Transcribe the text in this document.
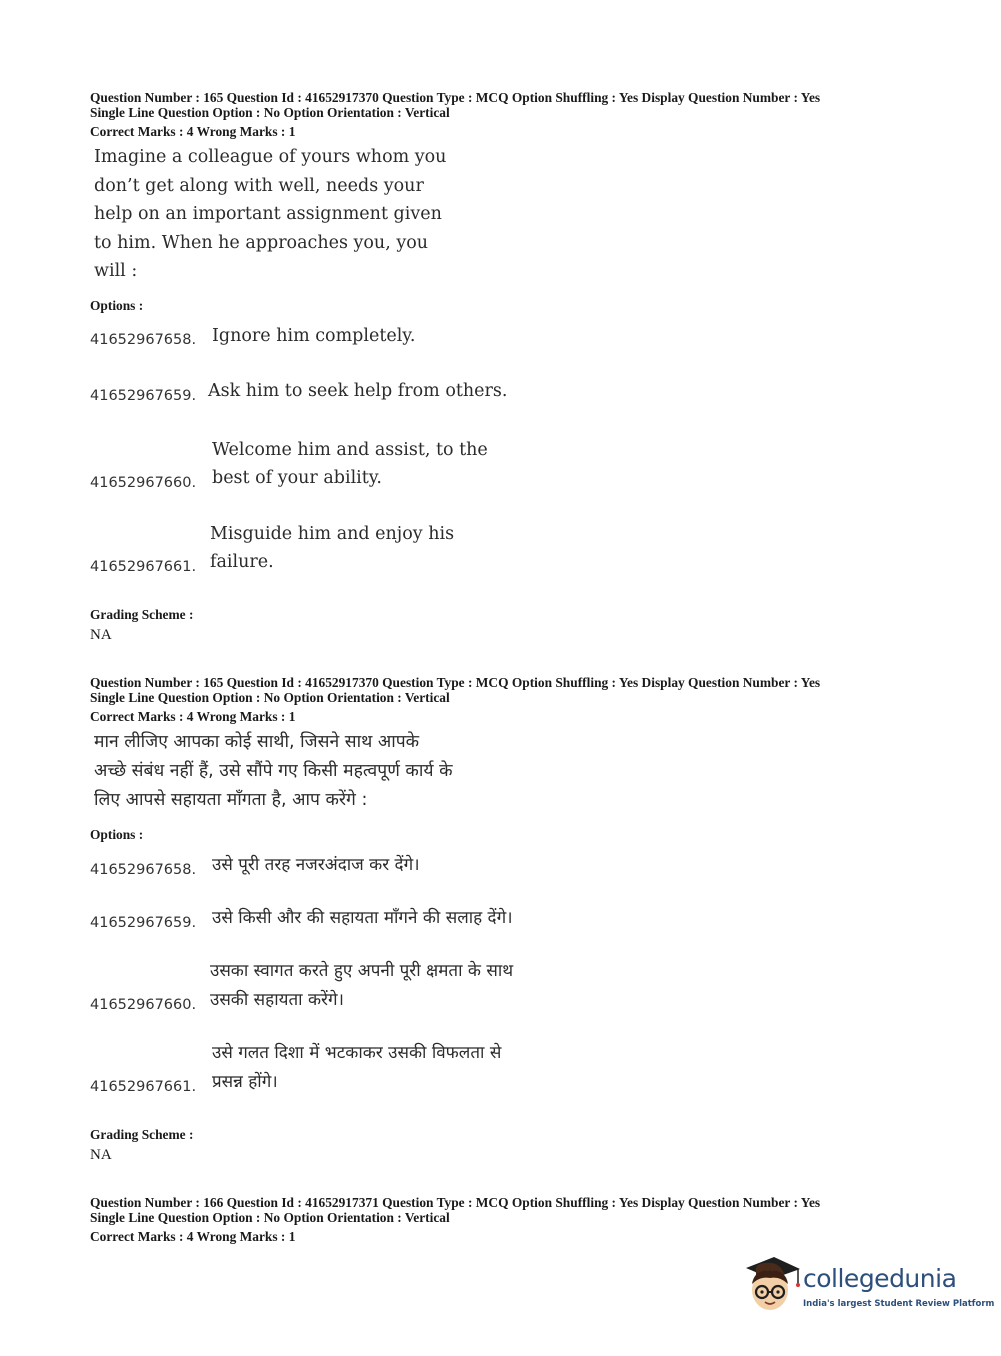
Question Number : 165 Question Id : 41652917370 Question Type : MCQ Option Shuffling : Yes Display Question Number : Yes
Single Line Question Option : No Option Orientation : Vertical
Correct Marks : 4 Wrong Marks : 1
Imagine a colleague of yours whom you don’t get along with well, needs your help on an important assignment given to him. When he approaches you, you will :
Options :
41652967658. Ignore him completely.
41652967659. Ask him to seek help from others.
41652967660.
Welcome him and assist, to the best of your ability.
41652967661.
Misguide him and enjoy his failure.
Grading Scheme :
NA
Question Number : 165 Question Id : 41652917370 Question Type : MCQ Option Shuffling : Yes Display Question Number : Yes
Single Line Question Option : No Option Orientation : Vertical
Correct Marks : 4 Wrong Marks : 1
मान लीजिए आपका कोई साथी, जिसने साथ आपके अच्छे संबंध नहीं हैं, उसे सौंपे गए किसी महत्वपूर्ण कार्य के लिए आपसे सहायता माँगता है, आप करेंगे :
Options :
41652967658. उसे पूरी तरह नजरअंदाज कर देंगे।
41652967659. उसे किसी और की सहायता माँगने की सलाह देंगे।
41652967660.
उसका स्वागत करते हुए अपनी पूरी क्षमता के साथ उसकी सहायता करेंगे।
41652967661.
उसे गलत दिशा में भटकाकर उसकी विफलता से प्रसन्न होंगे।
Grading Scheme :
NA
Question Number : 166 Question Id : 41652917371 Question Type : MCQ Option Shuffling : Yes Display Question Number : Yes
Single Line Question Option : No Option Orientation : Vertical
Correct Marks : 4 Wrong Marks : 1
collegedunia
India's largest Student Review Platform
